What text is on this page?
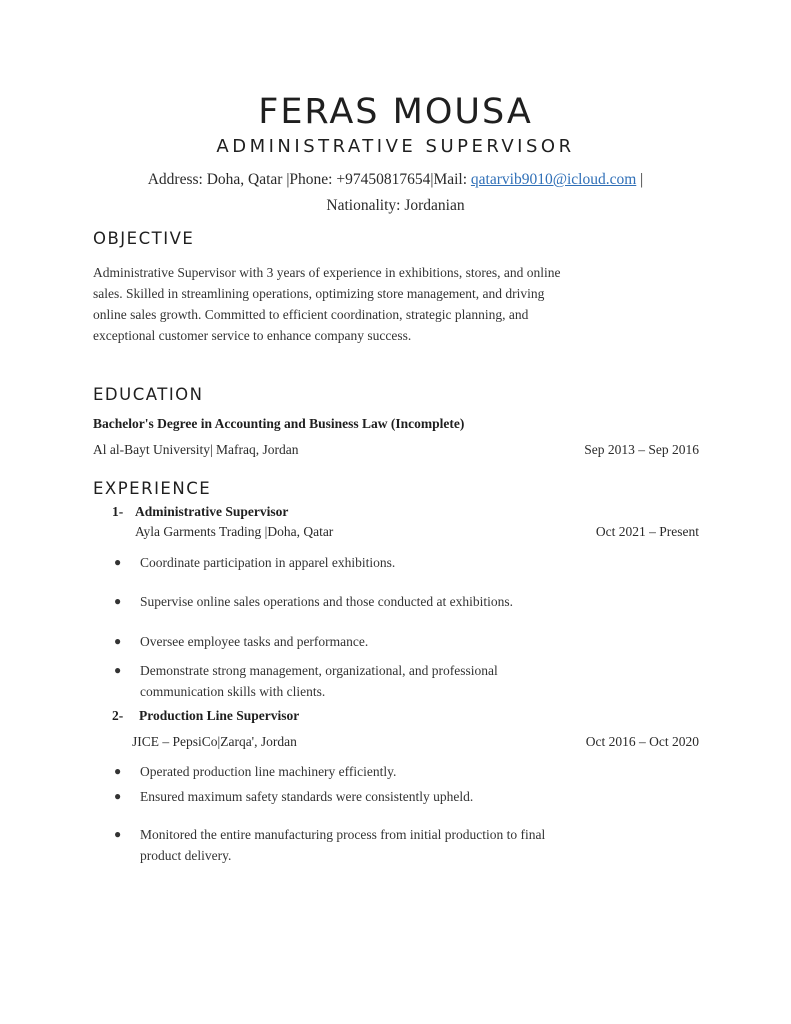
FERAS MOUSA
ADMINISTRATIVE SUPERVISOR
Address: Doha, Qatar |Phone: +97450817654|Mail: qatarvib9010@icloud.com |
Nationality: Jordanian
OBJECTIVE
Administrative Supervisor with 3 years of experience in exhibitions, stores, and online sales. Skilled in streamlining operations, optimizing store management, and driving online sales growth. Committed to efficient coordination, strategic planning, and exceptional customer service to enhance company success.
EDUCATION
Bachelor's Degree in Accounting and Business Law (Incomplete)
Al al-Bayt University| Mafraq, Jordan	Sep 2013 – Sep 2016
EXPERIENCE
1- Administrative Supervisor
Ayla Garments Trading |Doha, Qatar	Oct 2021 – Present
● Coordinate participation in apparel exhibitions.
● Supervise online sales operations and those conducted at exhibitions.
● Oversee employee tasks and performance.
● Demonstrate strong management, organizational, and professional communication skills with clients.
2- Production Line Supervisor
JICE – PepsiCo|Zarqa', Jordan	Oct 2016 – Oct 2020
● Operated production line machinery efficiently.
● Ensured maximum safety standards were consistently upheld.
● Monitored the entire manufacturing process from initial production to final product delivery.
